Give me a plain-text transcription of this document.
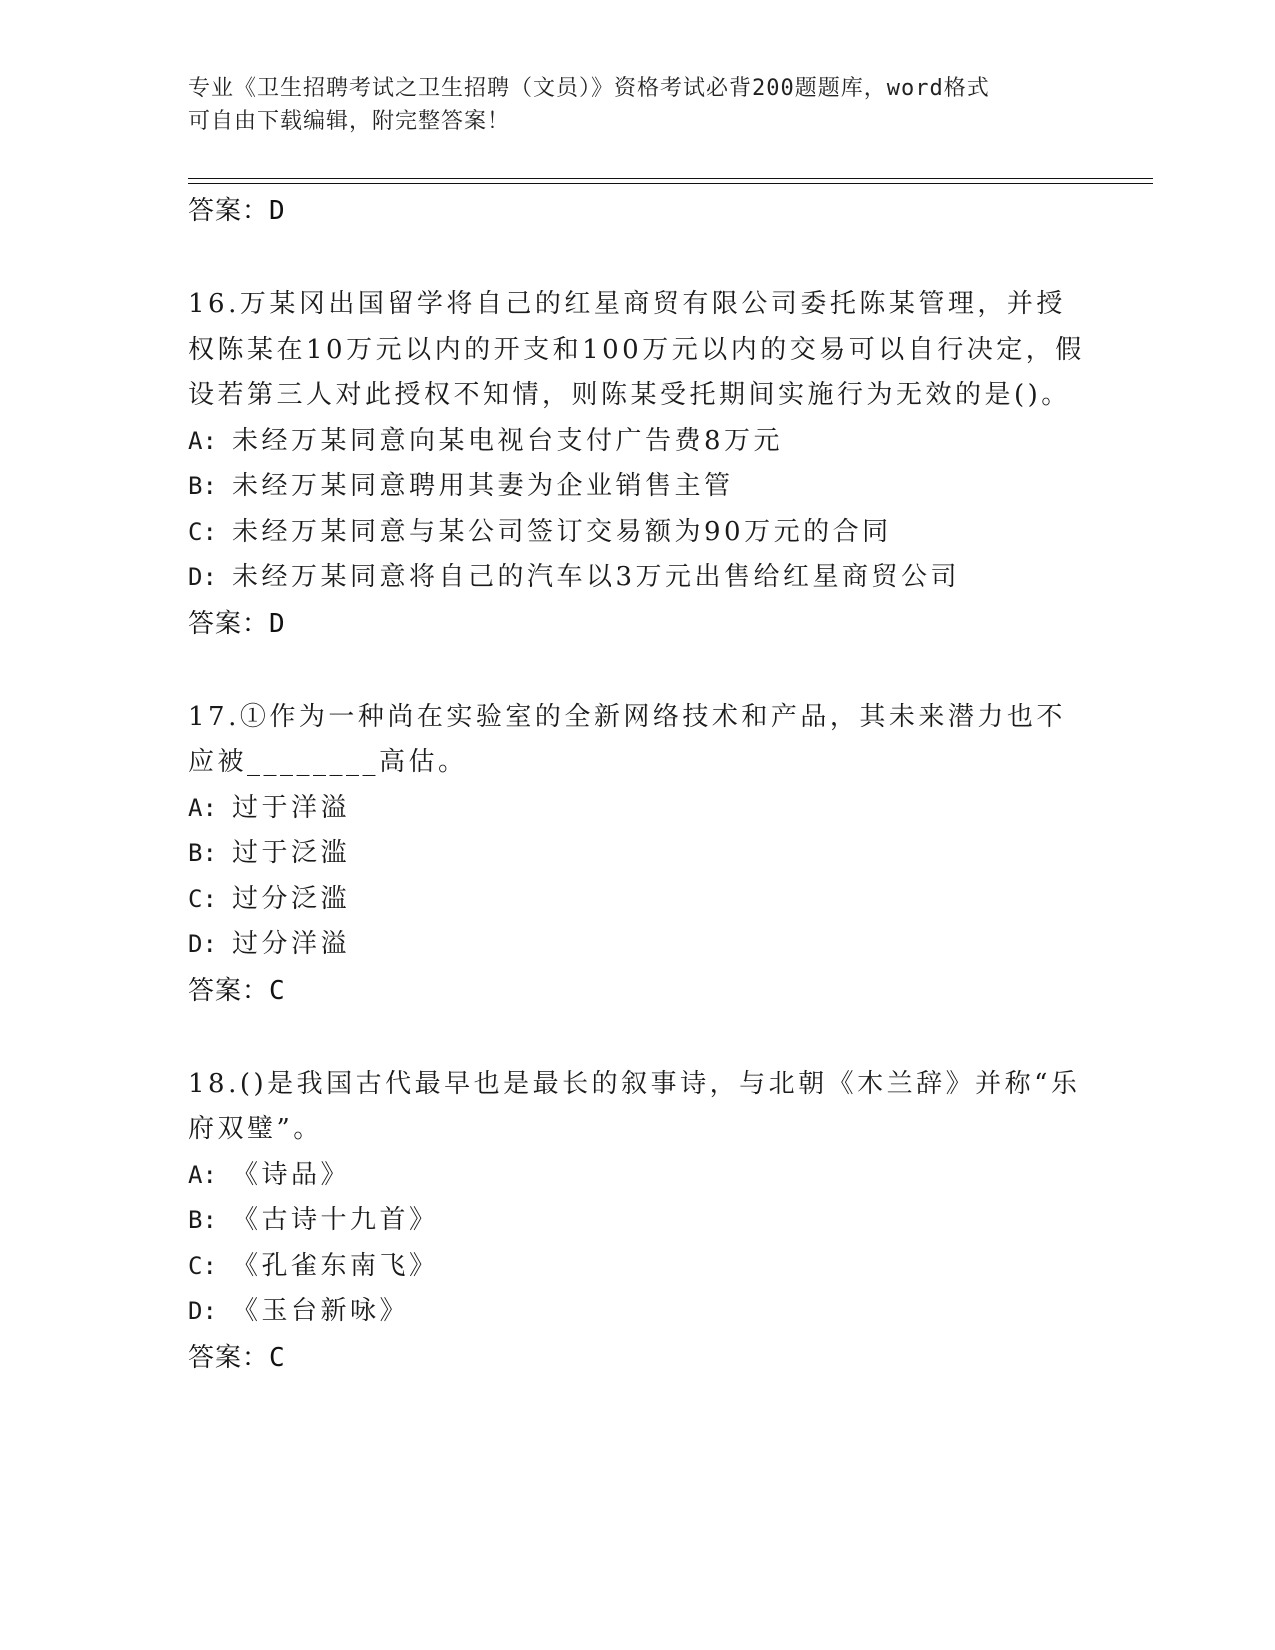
专业《卫生招聘考试之卫生招聘（文员）》资格考试必背200题题库，word格式
可自由下载编辑，附完整答案！
答案：D
16.万某冈出国留学将自己的红星商贸有限公司委托陈某管理，并授权陈某在10万元以内的开支和100万元以内的交易可以自行决定，假设若第三人对此授权不知情，则陈某受托期间实施行为无效的是()。
A: 未经万某同意向某电视台支付广告费8万元
B: 未经万某同意聘用其妻为企业销售主管
C: 未经万某同意与某公司签订交易额为90万元的合同
D: 未经万某同意将自己的汽车以3万元出售给红星商贸公司
答案：D
17.①作为一种尚在实验室的全新网络技术和产品，其未来潜力也不应被________高估。
A: 过于洋溢
B: 过于泛滥
C: 过分泛滥
D: 过分洋溢
答案：C
18.()是我国古代最早也是最长的叙事诗，与北朝《木兰辞》并称“乐府双璧”。
A: 《诗品》
B: 《古诗十九首》
C: 《孔雀东南飞》
D: 《玉台新咏》
答案：C
